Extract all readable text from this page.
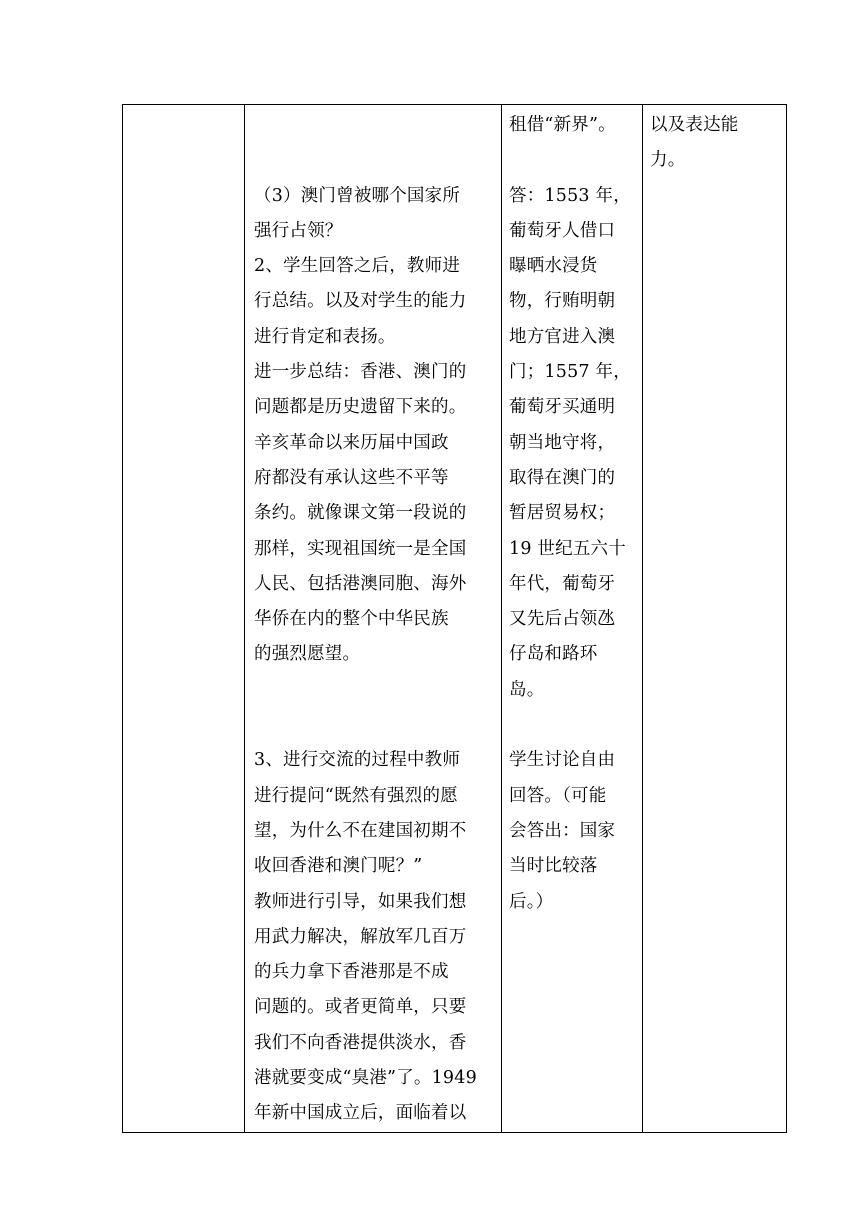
（3）澳门曾被哪个国家所
强行占领？
2、学生回答之后，教师进
行总结。以及对学生的能力
进行肯定和表扬。
进一步总结：香港、澳门的
问题都是历史遗留下来的。
辛亥革命以来历届中国政
府都没有承认这些不平等
条约。就像课文第一段说的
那样，实现祖国统一是全国
人民、包括港澳同胞、海外
华侨在内的整个中华民族
的强烈愿望。
3、进行交流的过程中教师
进行提问“既然有强烈的愿
望，为什么不在建国初期不
收回香港和澳门呢？”
教师进行引导，如果我们想
用武力解决，解放军几百万
的兵力拿下香港那是不成
问题的。或者更简单，只要
我们不向香港提供淡水，香
港就要变成“臭港”了。1949
年新中国成立后，面临着以

租借“新界”。
答：1553 年，
葡萄牙人借口
曝晒水浸货
物，行贿明朝
地方官进入澳
门；1557 年，
葡萄牙买通明
朝当地守将，
取得在澳门的
暂居贸易权；
19 世纪五六十
年代，葡萄牙
又先后占领氹
仔岛和路环
岛。
学生讨论自由
回答。（可能
会答出：国家
当时比较落
后。）

以及表达能
力。
